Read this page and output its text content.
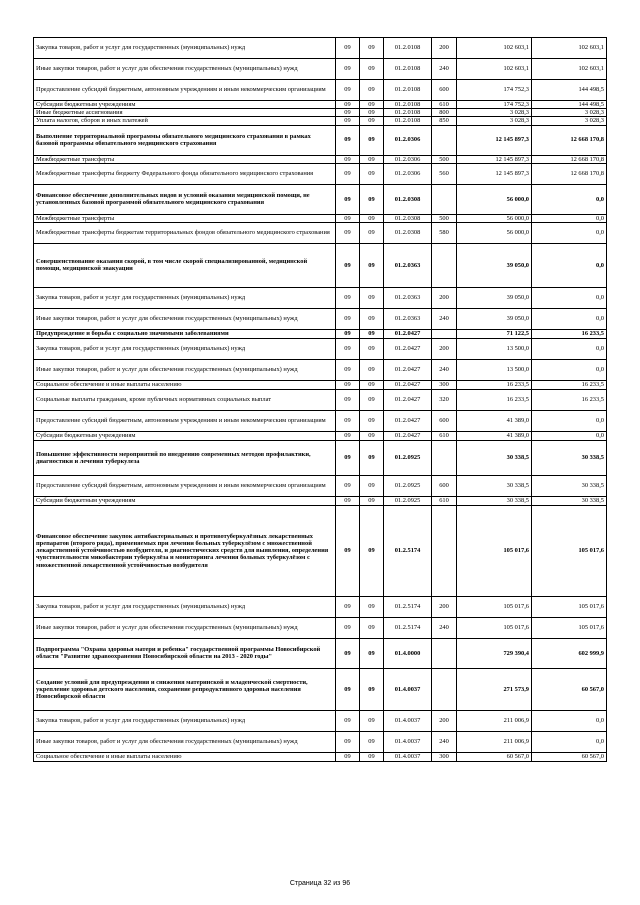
Закупка товаров, работ и услуг для государственных (муниципальных) нужд	09	09	01.2.0108	200	102 603,1	102 603,1
Иные закупки товаров, работ и услуг для обеспечения государственных (муниципальных) нужд	09	09	01.2.0108	240	102 603,1	102 603,1
Предоставление субсидий бюджетным, автономным учреждениям и иным некоммерческим организациям	09	09	01.2.0108	600	174 752,3	144 498,5
Субсидии бюджетным учреждениям	09	09	01.2.0108	610	174 752,3	144 498,5
Иные бюджетные ассигнования	09	09	01.2.0108	800	3 028,3	3 028,3
Уплата налогов, сборов и иных платежей	09	09	01.2.0108	850	3 028,3	3 028,3
Выполнение территориальной программы обязательного медицинского страхования в рамках базовой программы обязательного медицинского страхования	09	09	01.2.0306		12 145 897,3	12 668 170,8
Межбюджетные трансферты	09	09	01.2.0306	500	12 145 897,3	12 668 170,8
Межбюджетные трансферты бюджету Федерального фонда обязательного медицинского страхования	09	09	01.2.0306	560	12 145 897,3	12 668 170,8
Финансовое обеспечение дополнительных видов и условий оказания медицинской помощи, не установленных базовой программой обязательного медицинского страхования	09	09	01.2.0308		56 000,0	0,0
Межбюджетные трансферты	09	09	01.2.0308	500	56 000,0	0,0
Межбюджетные трансферты бюджетам территориальных фондов обязательного медицинского страхования	09	09	01.2.0308	580	56 000,0	0,0
Совершенствование оказания скорой, в том числе скорой специализированной, медицинской помощи, медицинской эвакуации	09	09	01.2.0363		39 050,0	0,0
Закупка товаров, работ и услуг для государственных (муниципальных) нужд	09	09	01.2.0363	200	39 050,0	0,0
Иные закупки товаров, работ и услуг для обеспечения государственных (муниципальных) нужд	09	09	01.2.0363	240	39 050,0	0,0
Предупреждение и борьба с социально значимыми заболеваниями	09	09	01.2.0427		71 122,5	16 233,5
Закупка товаров, работ и услуг для государственных (муниципальных) нужд	09	09	01.2.0427	200	13 500,0	0,0
Иные закупки товаров, работ и услуг для обеспечения государственных (муниципальных) нужд	09	09	01.2.0427	240	13 500,0	0,0
Социальное обеспечение и иные выплаты населению	09	09	01.2.0427	300	16 233,5	16 233,5
Социальные выплаты гражданам, кроме публичных нормативных социальных выплат	09	09	01.2.0427	320	16 233,5	16 233,5
Предоставление субсидий бюджетным, автономным учреждениям и иным некоммерческим организациям	09	09	01.2.0427	600	41 389,0	0,0
Субсидии бюджетным учреждениям	09	09	01.2.0427	610	41 389,0	0,0
Повышение эффективности мероприятий по внедрению современных методов профилактики, диагностики и лечения туберкулеза	09	09	01.2.0925		30 338,5	30 338,5
Предоставление субсидий бюджетным, автономным учреждениям и иным некоммерческим организациям	09	09	01.2.0925	600	30 338,5	30 338,5
Субсидии бюджетным учреждениям	09	09	01.2.0925	610	30 338,5	30 338,5
Финансовое обеспечение закупок антибактериальных и противотуберкулёзных лекарственных препаратов (второго ряда), применяемых при лечении больных туберкулёзом с множественной лекарственной устойчивостью возбудителя, и диагностических средств для выявления, определения чувствительности микобактерии туберкулёза и мониторинга лечения больных туберкулёзом с множественной лекарственной устойчивостью возбудителя	09	09	01.2.5174		105 017,6	105 017,6
Закупка товаров, работ и услуг для государственных (муниципальных) нужд	09	09	01.2.5174	200	105 017,6	105 017,6
Иные закупки товаров, работ и услуг для обеспечения государственных (муниципальных) нужд	09	09	01.2.5174	240	105 017,6	105 017,6
Подпрограмма "Охрана здоровья матери и ребенка" государственной программы Новосибирской области "Развитие здравоохранения Новосибирской области на 2013 - 2020 годы"	09	09	01.4.0000		729 390,4	602 999,9
Создание условий для предупреждения и снижения материнской и младенческой смертности, укрепление здоровья детского населения, сохранение репродуктивного здоровья населения Новосибирской области	09	09	01.4.0037		271 573,9	60 567,0
Закупка товаров, работ и услуг для государственных (муниципальных) нужд	09	09	01.4.0037	200	211 006,9	0,0
Иные закупки товаров, работ и услуг для обеспечения государственных (муниципальных) нужд	09	09	01.4.0037	240	211 006,9	0,0
Социальное обеспечение и иные выплаты населению	09	09	01.4.0037	300	60 567,0	60 567,0
Страница 32 из 96
